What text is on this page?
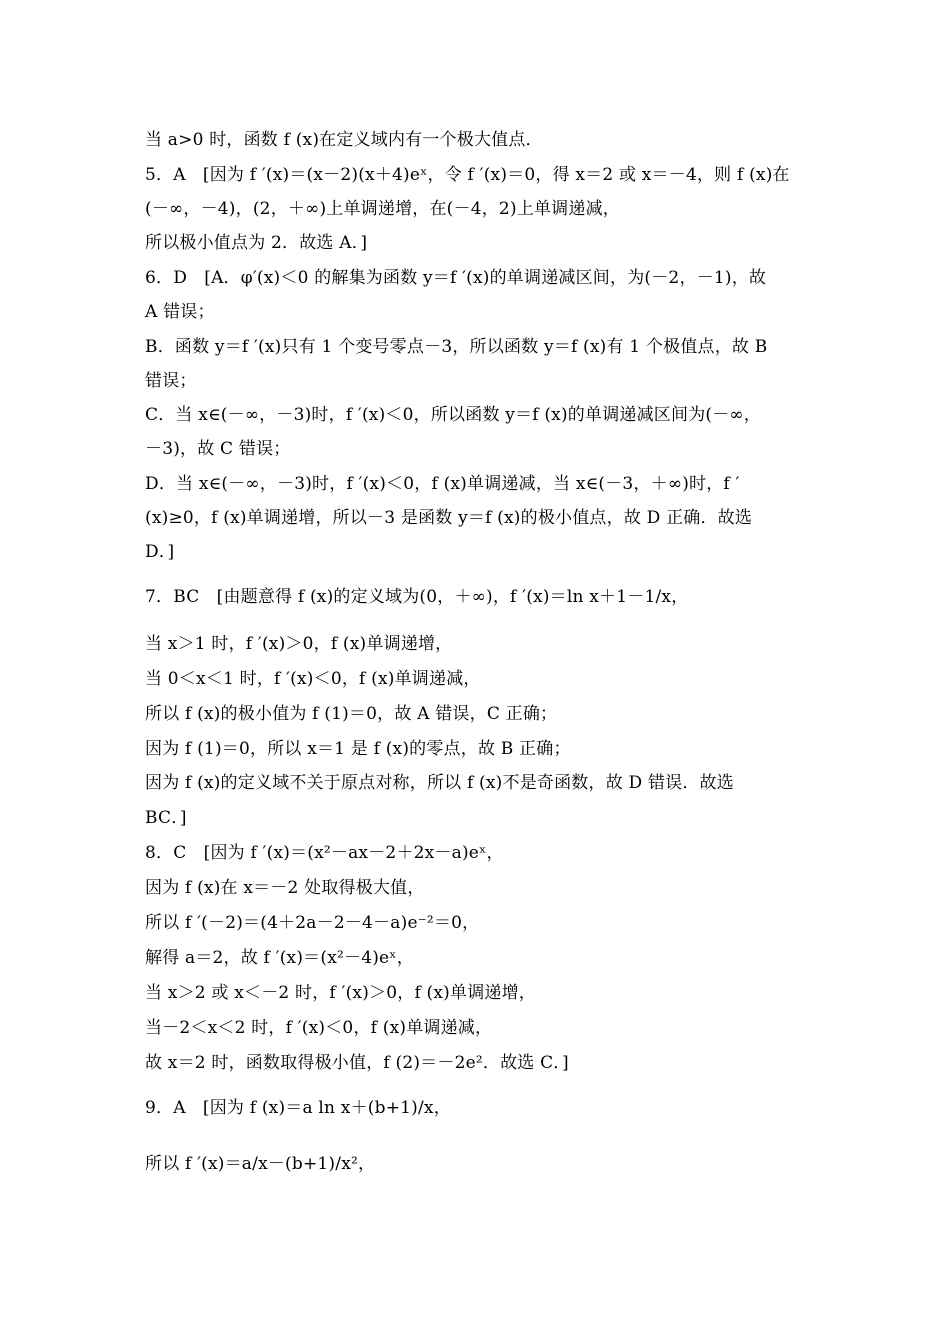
当 a>0 时，函数 f (x)在定义域内有一个极大值点．
5．A　[因为 f ′(x)＝(x－2)(x＋4)eˣ，令 f ′(x)＝0，得 x＝2 或 x＝－4，则 f (x)在
(－∞，－4)，(2，＋∞)上单调递增，在(－4，2)上单调递减，
所以极小值点为 2．故选 A．]
6．D　[A．φ′(x)＜0 的解集为函数 y＝f ′(x)的单调递减区间，为(－2，－1)，故
A 错误；
B．函数 y＝f ′(x)只有 1 个变号零点－3，所以函数 y＝f (x)有 1 个极值点，故 B
错误；
C．当 x∈(－∞，－3)时，f ′(x)＜0，所以函数 y＝f (x)的单调递减区间为(－∞，
－3)，故 C 错误；
D．当 x∈(－∞，－3)时，f ′(x)＜0，f (x)单调递减，当 x∈(－3，＋∞)时，f ′
(x)≥0，f (x)单调递增，所以－3 是函数 y＝f (x)的极小值点，故 D 正确．故选
D．]
7．BC　[由题意得 f (x)的定义域为(0，＋∞)，f ′(x)＝ln x＋1－1/x，
当 x＞1 时，f ′(x)＞0，f (x)单调递增，
当 0＜x＜1 时，f ′(x)＜0，f (x)单调递减，
所以 f (x)的极小值为 f (1)＝0，故 A 错误，C 正确；
因为 f (1)＝0，所以 x＝1 是 f (x)的零点，故 B 正确；
因为 f (x)的定义域不关于原点对称，所以 f (x)不是奇函数，故 D 错误．故选
BC．]
8．C　[因为 f ′(x)＝(x²－ax－2＋2x－a)eˣ，
因为 f (x)在 x＝－2 处取得极大值，
所以 f ′(－2)＝(4＋2a－2－4－a)e⁻²＝0，
解得 a＝2，故 f ′(x)＝(x²－4)eˣ，
当 x＞2 或 x＜－2 时，f ′(x)＞0，f (x)单调递增，
当－2＜x＜2 时，f ′(x)＜0，f (x)单调递减，
故 x＝2 时，函数取得极小值，f (2)＝－2e²．故选 C．]
9．A　[因为 f (x)＝a ln x＋(b+1)/x，
所以 f ′(x)＝a/x－(b+1)/x²，
